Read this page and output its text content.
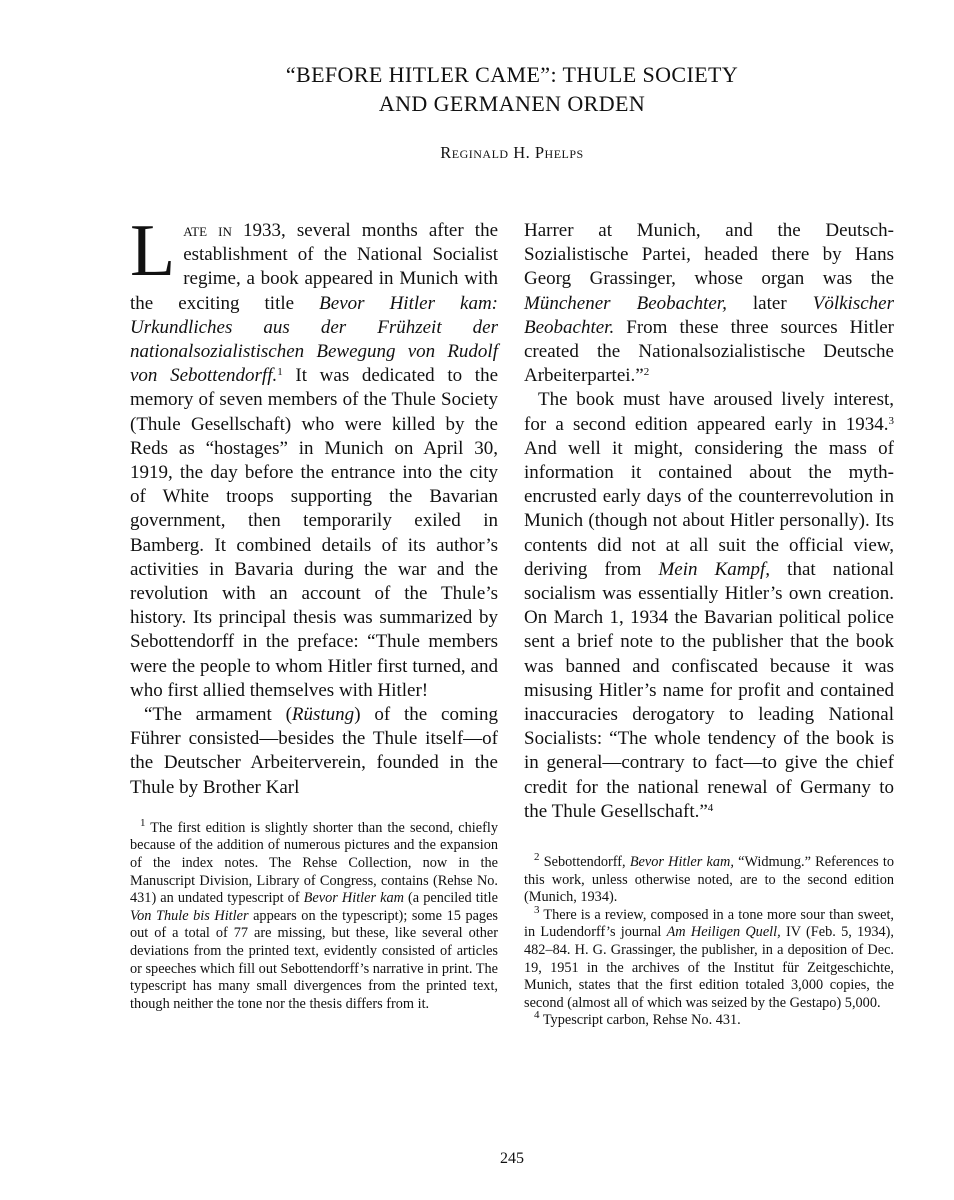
“BEFORE HITLER CAME”: THULE SOCIETY
AND GERMANEN ORDEN
Reginald H. Phelps

Late in 1933, several months after the establishment of the National Socialist regime, a book appeared in Munich with the exciting title Bevor Hitler kam: Urkundliches aus der Frühzeit der nationalsozialistischen Bewegung von Rudolf von Sebottendorff.$^1$ It was dedicated to the memory of seven members of the Thule Society (Thule Gesellschaft) who were killed by the Reds as “hostages” in Munich on April 30, 1919, the day before the entrance into the city of White troops supporting the Bavarian government, then temporarily exiled in Bamberg. It combined details of its author’s activities in Bavaria during the war and the revolution with an account of the Thule’s history. Its principal thesis was summarized by Sebottendorff in the preface: “Thule members were the people to whom Hitler first turned, and who first allied themselves with Hitler!

“The armament (Rüstung) of the coming Führer consisted—besides the Thule itself—of the Deutscher Arbeiterverein, founded in the Thule by Brother Karl

$^1$ The first edition is slightly shorter than the second, chiefly because of the addition of numerous pictures and the expansion of the index notes. The Rehse Collection, now in the Manuscript Division, Library of Congress, contains (Rehse No. 431) an undated typescript of Bevor Hitler kam (a penciled title Von Thule bis Hitler appears on the typescript); some 15 pages out of a total of 77 are missing, but these, like several other deviations from the printed text, evidently consisted of articles or speeches which fill out Sebottendorff’s narrative in print. The typescript has many small divergences from the printed text, though neither the tone nor the thesis differs from it.

Harrer at Munich, and the Deutsch-Sozialistische Partei, headed there by Hans Georg Grassinger, whose organ was the Münchener Beobachter, later Völkischer Beobachter. From these three sources Hitler created the Nationalsozialistische Deutsche Arbeiterpartei.”$^2$

The book must have aroused lively interest, for a second edition appeared early in 1934.$^3$ And well it might, considering the mass of information it contained about the myth-encrusted early days of the counterrevolution in Munich (though not about Hitler personally). Its contents did not at all suit the official view, deriving from Mein Kampf, that national socialism was essentially Hitler’s own creation. On March 1, 1934 the Bavarian political police sent a brief note to the publisher that the book was banned and confiscated because it was misusing Hitler’s name for profit and contained inaccuracies derogatory to leading National Socialists: “The whole tendency of the book is in general—contrary to fact—to give the chief credit for the national renewal of Germany to the Thule Gesellschaft.”$^4$

$^2$ Sebottendorff, Bevor Hitler kam, “Widmung.” References to this work, unless otherwise noted, are to the second edition (Munich, 1934).

$^3$ There is a review, composed in a tone more sour than sweet, in Ludendorff’s journal Am Heiligen Quell, IV (Feb. 5, 1934), 482–84. H. G. Grassinger, the publisher, in a deposition of Dec. 19, 1951 in the archives of the Institut für Zeitgeschichte, Munich, states that the first edition totaled 3,000 copies, the second (almost all of which was seized by the Gestapo) 5,000.

$^4$ Typescript carbon, Rehse No. 431.

245
